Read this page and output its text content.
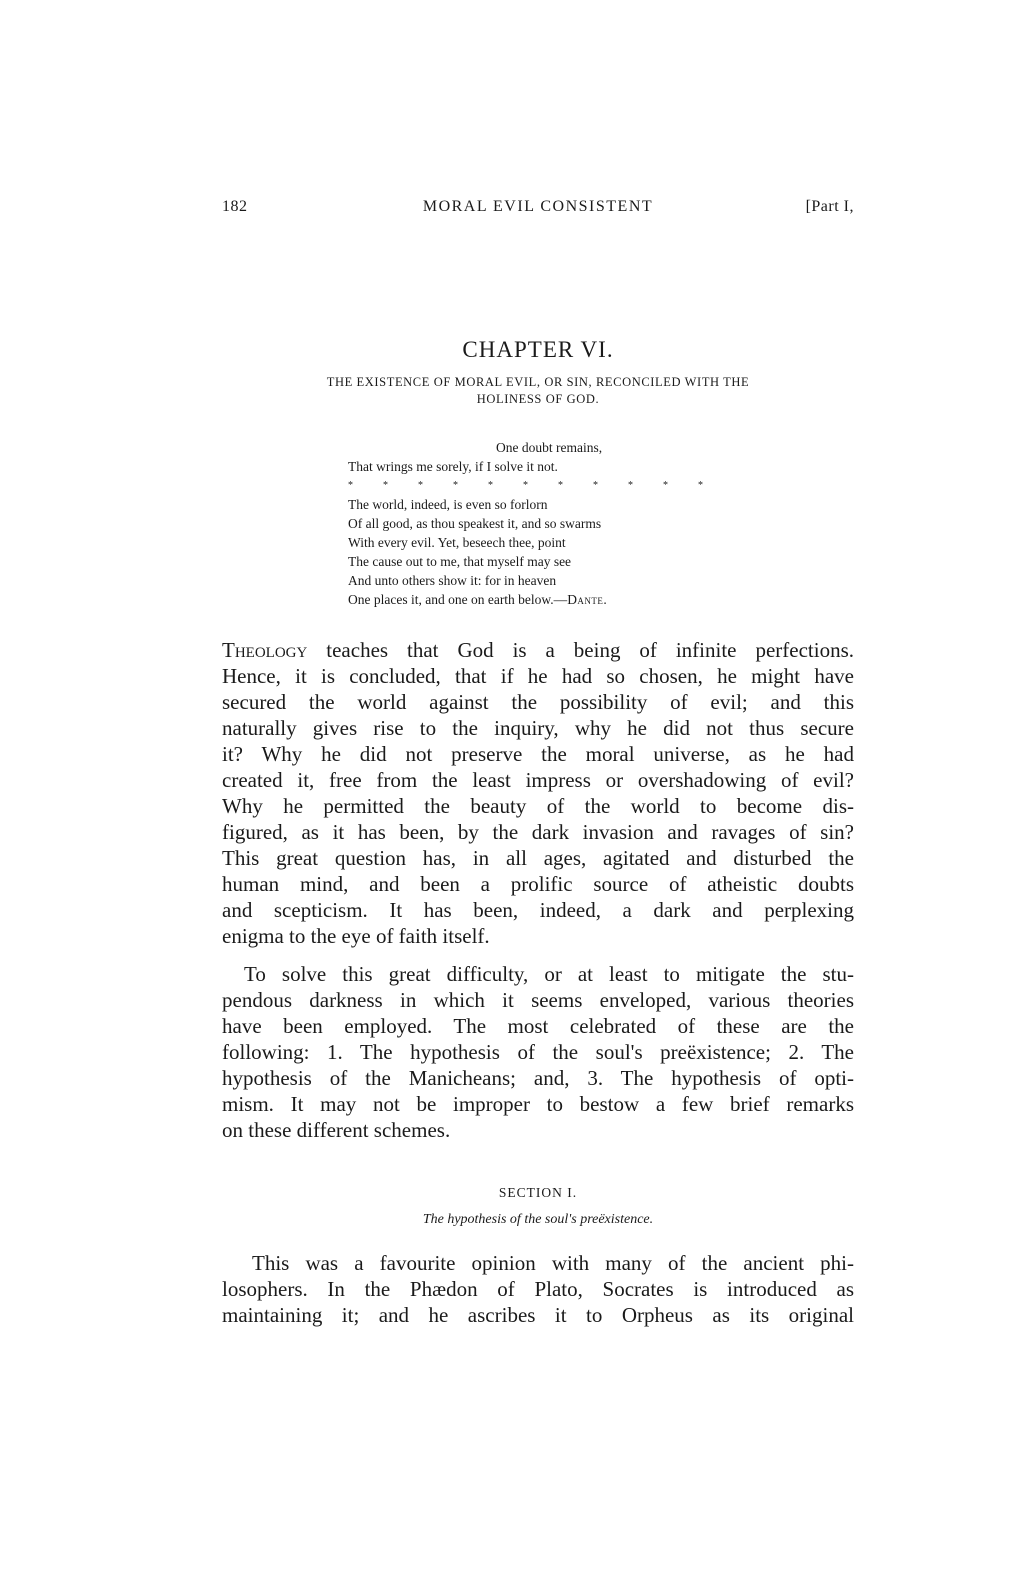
182	MORAL EVIL CONSISTENT	[Part I,
CHAPTER VI.
THE EXISTENCE OF MORAL EVIL, OR SIN, RECONCILED WITH THE
HOLINESS OF GOD.
One doubt remains,
That wrings me sorely, if I solve it not.
*	*	*	*	*	*	*	*	*	*	*
The world, indeed, is even so forlorn
Of all good, as thou speakest it, and so swarms
With every evil. Yet, beseech thee, point
The cause out to me, that myself may see
And unto others show it: for in heaven
One places it, and one on earth below.—Dante.
Theology teaches that God is a being of infinite perfections.
Hence, it is concluded, that if he had so chosen, he might have
secured the world against the possibility of evil; and this
naturally gives rise to the inquiry, why he did not thus secure
it? Why he did not preserve the moral universe, as he had
created it, free from the least impress or overshadowing of evil?
Why he permitted the beauty of the world to become dis-
figured, as it has been, by the dark invasion and ravages of sin?
This great question has, in all ages, agitated and disturbed the
human mind, and been a prolific source of atheistic doubts
and scepticism. It has been, indeed, a dark and perplexing
enigma to the eye of faith itself.
To solve this great difficulty, or at least to mitigate the stu-
pendous darkness in which it seems enveloped, various theories
have been employed. The most celebrated of these are the
following: 1. The hypothesis of the soul's preëxistence; 2. The
hypothesis of the Manicheans; and, 3. The hypothesis of opti-
mism. It may not be improper to bestow a few brief remarks
on these different schemes.
SECTION I.
The hypothesis of the soul's preëxistence.
This was a favourite opinion with many of the ancient phi-
losophers. In the Phædon of Plato, Socrates is introduced as
maintaining it; and he ascribes it to Orpheus as its original
